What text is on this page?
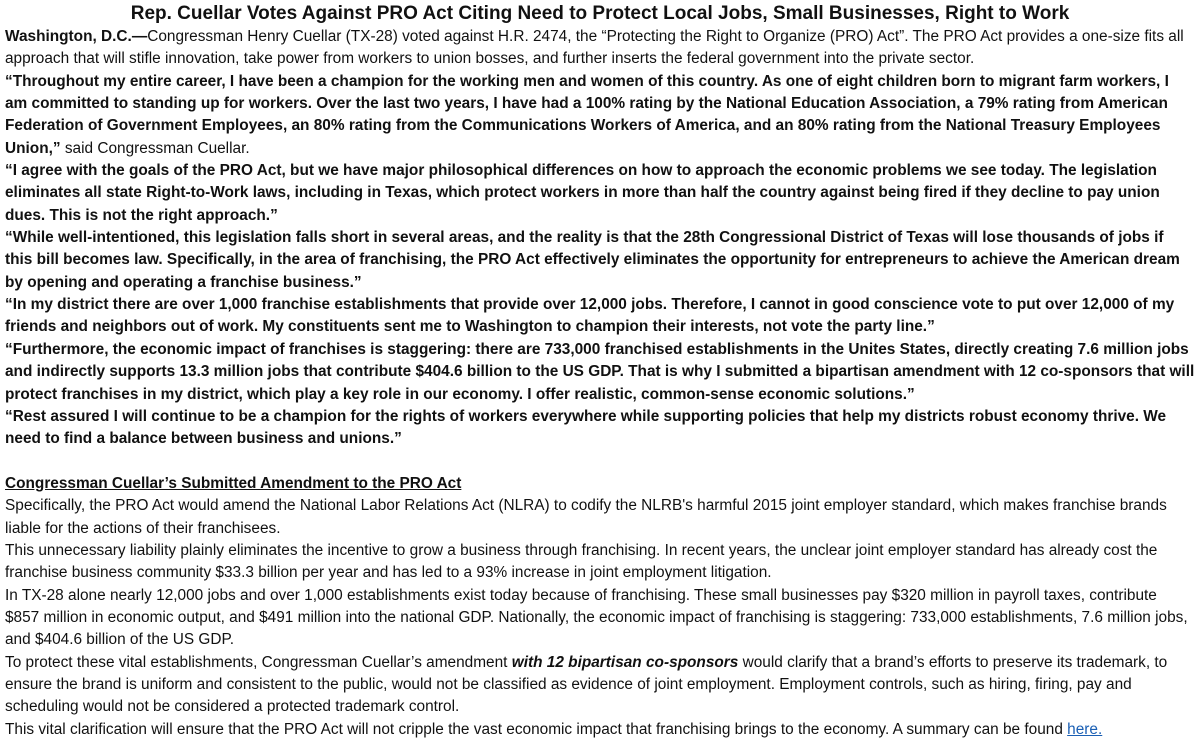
Rep. Cuellar Votes Against PRO Act Citing Need to Protect Local Jobs, Small Businesses, Right to Work

Washington, D.C.—Congressman Henry Cuellar (TX-28) voted against H.R. 2474, the “Protecting the Right to Organize (PRO) Act”. The PRO Act provides a one-size fits all approach that will stifle innovation, take power from workers to union bosses, and further inserts the federal government into the private sector.

“Throughout my entire career, I have been a champion for the working men and women of this country. As one of eight children born to migrant farm workers, I am committed to standing up for workers. Over the last two years, I have had a 100% rating by the National Education Association, a 79% rating from American Federation of Government Employees, an 80% rating from the Communications Workers of America, and an 80% rating from the National Treasury Employees Union,” said Congressman Cuellar.

“I agree with the goals of the PRO Act, but we have major philosophical differences on how to approach the economic problems we see today. The legislation eliminates all state Right-to-Work laws, including in Texas, which protect workers in more than half the country against being fired if they decline to pay union dues. This is not the right approach.”

“While well-intentioned, this legislation falls short in several areas, and the reality is that the 28th Congressional District of Texas will lose thousands of jobs if this bill becomes law. Specifically, in the area of franchising, the PRO Act effectively eliminates the opportunity for entrepreneurs to achieve the American dream by opening and operating a franchise business.”

“In my district there are over 1,000 franchise establishments that provide over 12,000 jobs. Therefore, I cannot in good conscience vote to put over 12,000 of my friends and neighbors out of work. My constituents sent me to Washington to champion their interests, not vote the party line.”

“Furthermore, the economic impact of franchises is staggering: there are 733,000 franchised establishments in the Unites States, directly creating 7.6 million jobs and indirectly supports 13.3 million jobs that contribute $404.6 billion to the US GDP. That is why I submitted a bipartisan amendment with 12 co-sponsors that will protect franchises in my district, which play a key role in our economy. I offer realistic, common-sense economic solutions.”

“Rest assured I will continue to be a champion for the rights of workers everywhere while supporting policies that help my districts robust economy thrive. We need to find a balance between business and unions.”

Congressman Cuellar’s Submitted Amendment to the PRO Act

Specifically, the PRO Act would amend the National Labor Relations Act (NLRA) to codify the NLRB's harmful 2015 joint employer standard, which makes franchise brands liable for the actions of their franchisees.

This unnecessary liability plainly eliminates the incentive to grow a business through franchising. In recent years, the unclear joint employer standard has already cost the franchise business community $33.3 billion per year and has led to a 93% increase in joint employment litigation.

In TX-28 alone nearly 12,000 jobs and over 1,000 establishments exist today because of franchising. These small businesses pay $320 million in payroll taxes, contribute $857 million in economic output, and $491 million into the national GDP. Nationally, the economic impact of franchising is staggering: 733,000 establishments, 7.6 million jobs, and $404.6 billion of the US GDP.

To protect these vital establishments, Congressman Cuellar’s amendment with 12 bipartisan co-sponsors would clarify that a brand’s efforts to preserve its trademark, to ensure the brand is uniform and consistent to the public, would not be classified as evidence of joint employment. Employment controls, such as hiring, firing, pay and scheduling would not be considered a protected trademark control.

This vital clarification will ensure that the PRO Act will not cripple the vast economic impact that franchising brings to the economy. A summary can be found here.
